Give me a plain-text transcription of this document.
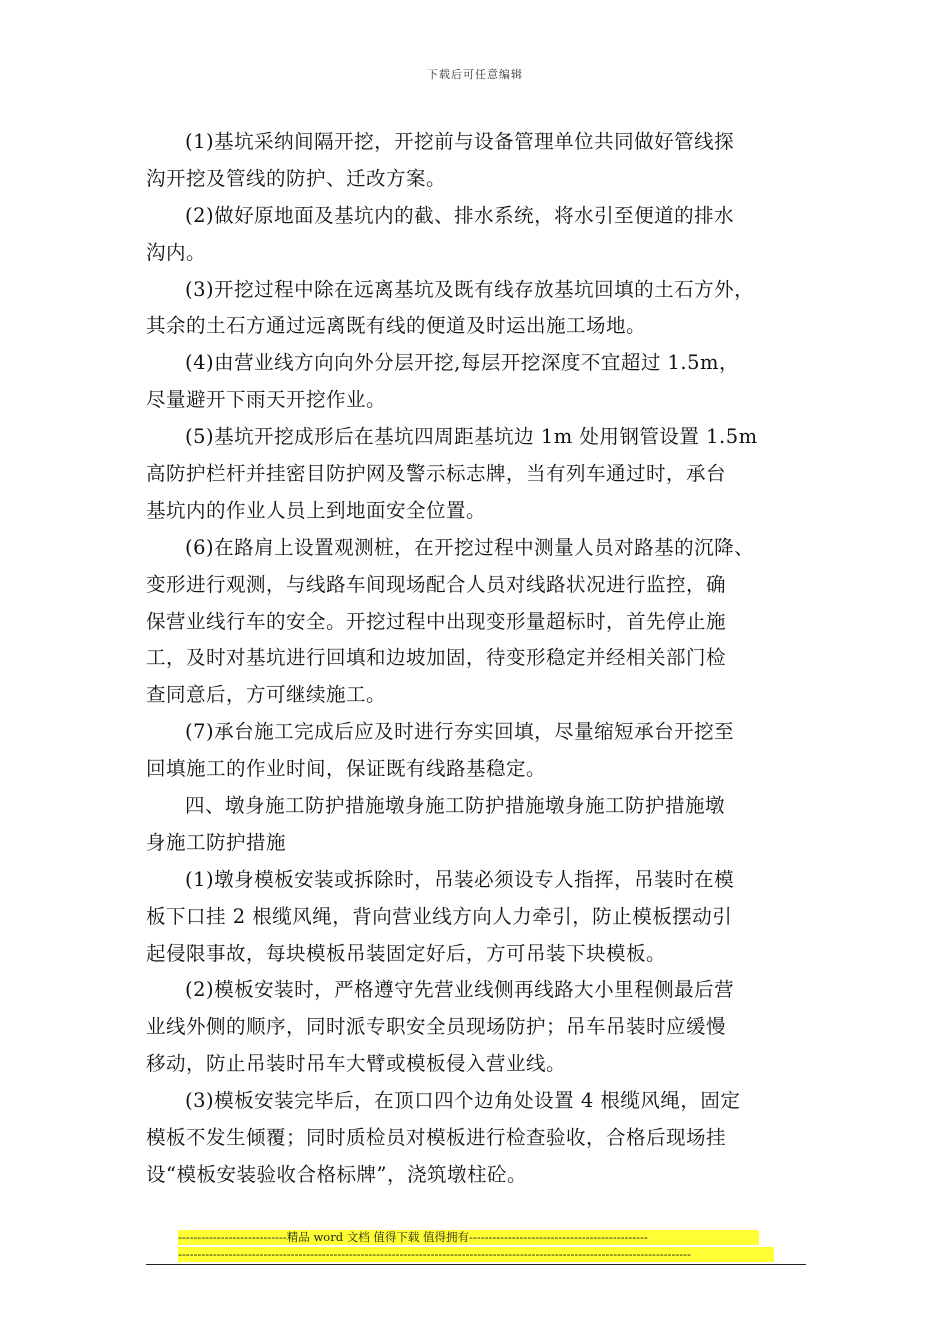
下载后可任意编辑
(1)基坑采纳间隔开挖，开挖前与设备管理单位共同做好管线探
沟开挖及管线的防护、迁改方案。
(2)做好原地面及基坑内的截、排水系统，将水引至便道的排水
沟内。
(3)开挖过程中除在远离基坑及既有线存放基坑回填的土石方外，
其余的土石方通过远离既有线的便道及时运出施工场地。
(4)由营业线方向向外分层开挖,每层开挖深度不宜超过 1.5m，
尽量避开下雨天开挖作业。
(5)基坑开挖成形后在基坑四周距基坑边 1m 处用钢管设置 1.5m
高防护栏杆并挂密目防护网及警示标志牌，当有列车通过时，承台
基坑内的作业人员上到地面安全位置。
(6)在路肩上设置观测桩，在开挖过程中测量人员对路基的沉降、
变形进行观测，与线路车间现场配合人员对线路状况进行监控，确
保营业线行车的安全。开挖过程中出现变形量超标时，首先停止施
工，及时对基坑进行回填和边坡加固，待变形稳定并经相关部门检
查同意后，方可继续施工。
(7)承台施工完成后应及时进行夯实回填，尽量缩短承台开挖至
回填施工的作业时间，保证既有线路基稳定。
四、墩身施工防护措施墩身施工防护措施墩身施工防护措施墩
身施工防护措施
(1)墩身模板安装或拆除时，吊装必须设专人指挥，吊装时在模
板下口挂 2 根缆风绳，背向营业线方向人力牵引，防止模板摆动引
起侵限事故，每块模板吊装固定好后，方可吊装下块模板。
(2)模板安装时，严格遵守先营业线侧再线路大小里程侧最后营
业线外侧的顺序，同时派专职安全员现场防护；吊车吊装时应缓慢
移动，防止吊装时吊车大臂或模板侵入营业线。
(3)模板安装完毕后，在顶口四个边角处设置 4 根缆风绳，固定
模板不发生倾覆；同时质检员对模板进行检查验收，合格后现场挂
设“模板安装验收合格标牌”，浇筑墩柱砼。
----------------------------精品 word 文档 值得下载 值得拥有----------------------------------------------
------------------------------------------------------------------------------------------------------------------------------------
